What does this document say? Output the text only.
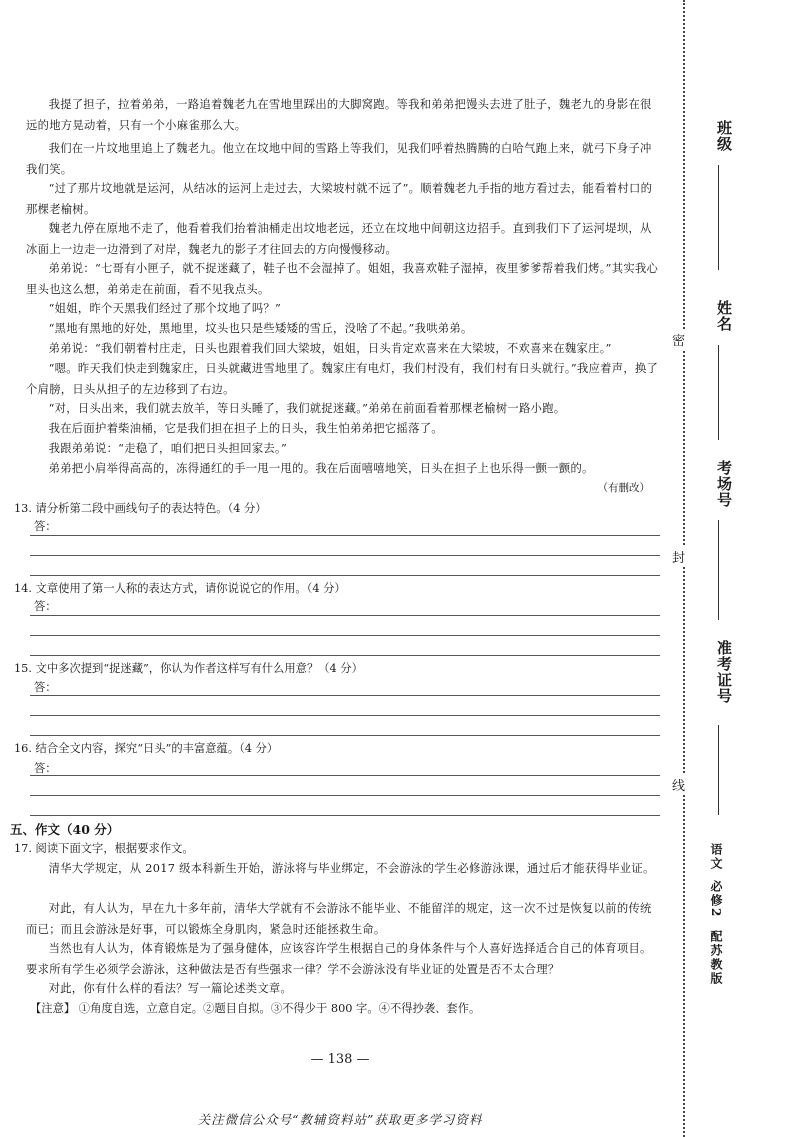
我提了担子，拉着弟弟，一路追着魏老九在雪地里踩出的大脚窝跑。等我和弟弟把馒头去进了肚子，魏老九的身影在很远的地方晃动着，只有一个小麻雀那么大。

我们在一片坟地里追上了魏老九。他立在坟地中间的雪路上等我们，见我们呼着热腾腾的白哈气跑上来，就弓下身子冲我们笑。

“过了那片坟地就是运河，从结冰的运河上走过去，大梁坡村就不远了”。顺着魏老九手指的地方看过去，能看着村口的那棵老榆树。

魏老九停在原地不走了，他看着我们抬着油桶走出坟地老远，还立在坟地中间朝这边招手。直到我们下了运河堤坝，从冰面上一边走一边滑到了对岸，魏老九的影子才往回去的方向慢慢移动。

弟弟说：“七哥有小匣子，就不捉迷藏了，鞋子也不会湿掉了。姐姐，我喜欢鞋子湿掉，夜里爹爹帮着我们烤。”其实我心里头也这么想，弟弟走在前面，看不见我点头。

“姐姐，昨个天黑我们经过了那个坟地了吗？”

“黑地有黑地的好处，黑地里，坟头也只是些矮矮的雪丘，没啥了不起。”我哄弟弟。

弟弟说：“我们朝着村庄走，日头也跟着我们回大梁坡，姐姐，日头肯定欢喜来在大梁坡，不欢喜来在魏家庄。”

“嗯。昨天我们快走到魏家庄，日头就藏进雪地里了。魏家庄有电灯，我们村没有，我们村有日头就行。”我应着声，换了个肩膀，日头从担子的左边移到了右边。

“对，日头出来，我们就去放羊，等日头睡了，我们就捉迷藏。”弟弟在前面看着那棵老榆树一路小跑。

我在后面护着柴油桶，它是我们担在担子上的日头，我生怕弟弟把它摇落了。

我跟弟弟说：“走稳了，咱们把日头担回家去。”

弟弟把小肩举得高高的，冻得通红的手一甩一甩的。我在后面嘻嘻地笑，日头在担子上也乐得一颤一颤的。

（有删改）
13. 请分析第二段中画线句子的表达特色。（4 分）
答：
14. 文章使用了第一人称的表达方式，请你说说它的作用。（4 分）
答：
15. 文中多次提到“捉迷藏”，你认为作者这样写有什么用意？（4 分）
答：
16. 结合全文内容，探究“日头”的丰富意蕴。（4 分）
答：
五、作文（40 分）
17. 阅读下面文字，根据要求作文。

清华大学规定，从 2017 级本科新生开始，游泳将与毕业绑定，不会游泳的学生必修游泳课，通过后才能获得毕业证。

对此，有人认为，早在九十多年前，清华大学就有不会游泳不能毕业、不能留洋的规定，这一次不过是恢复以前的传统而已；而且会游泳是好事，可以锻炼全身肌肉，紧急时还能拯救生命。

当然也有人认为，体育锻炼是为了强身健体，应该容许学生根据自己的身体条件与个人喜好选择适合自己的体育项目。要求所有学生必须学会游泳，这种做法是否有些强求一律？学不会游泳没有毕业证的处置是否不太合理？

对此，你有什么样的看法？写一篇论述类文章。

【注意】 ①角度自选，立意自定。②题目自拟。③不得少于 800 字。④不得抄袭、套作。
— 138 —
关注微信公众号“教辅资料站”获取更多学习资料
密
封
线
班级
姓名
考场号
准考证号
语文
必修2
配苏教版
